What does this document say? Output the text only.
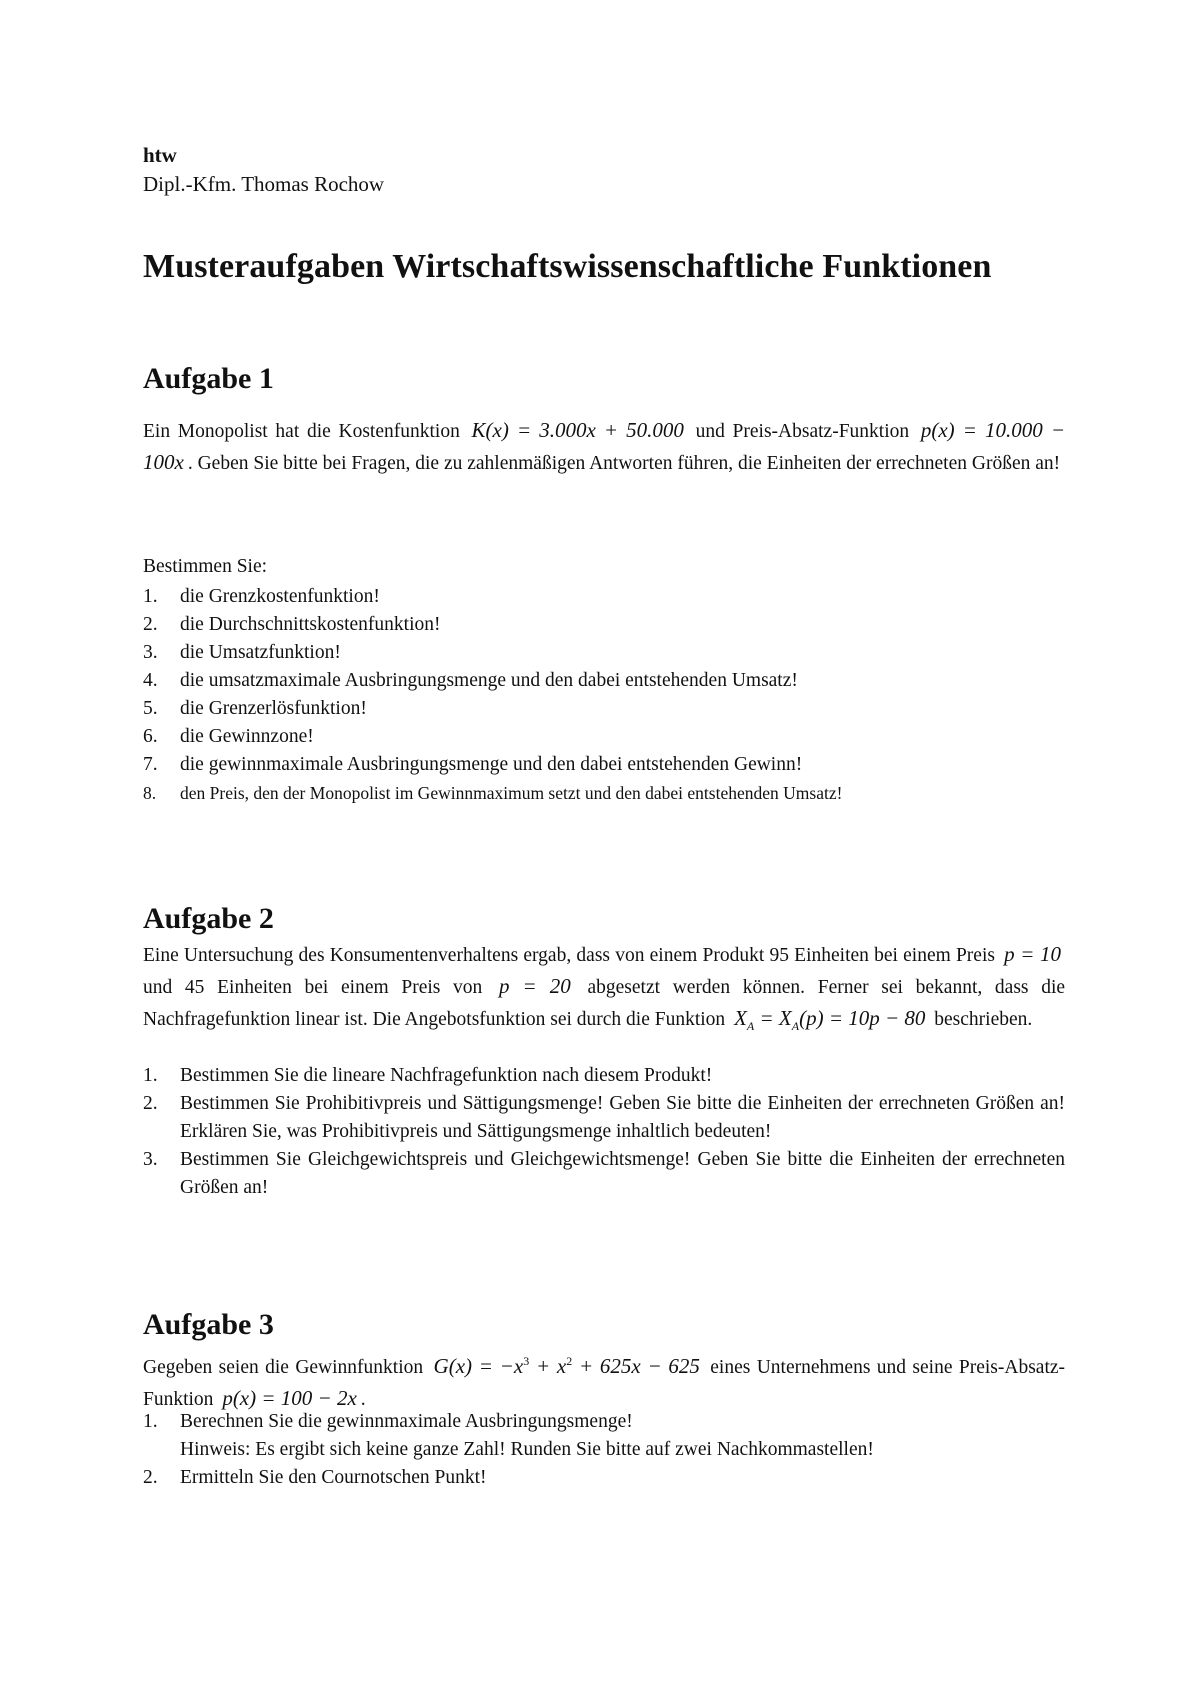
htw
Dipl.-Kfm. Thomas Rochow
Musteraufgaben Wirtschaftswissenschaftliche Funktionen
Aufgabe 1
Ein Monopolist hat die Kostenfunktion K(x) = 3.000x + 50.000 und Preis-Absatz-Funktion p(x) = 10.000 − 100x . Geben Sie bitte bei Fragen, die zu zahlenmäßigen Antworten führen, die Einheiten der errechneten Größen an!
Bestimmen Sie:
1. die Grenzkostenfunktion!
2. die Durchschnittskostenfunktion!
3. die Umsatzfunktion!
4. die umsatzmaximale Ausbringungsmenge und den dabei entstehenden Umsatz!
5. die Grenzerlösfunktion!
6. die Gewinnzone!
7. die gewinnmaximale Ausbringungsmenge und den dabei entstehenden Gewinn!
8. den Preis, den der Monopolist im Gewinnmaximum setzt und den dabei entstehenden Umsatz!
Aufgabe 2
Eine Untersuchung des Konsumentenverhaltens ergab, dass von einem Produkt 95 Einheiten bei einem Preis p = 10 und 45 Einheiten bei einem Preis von p = 20 abgesetzt werden können. Ferner sei bekannt, dass die Nachfragefunktion linear ist. Die Angebotsfunktion sei durch die Funktion $X_A = X_A(p) = 10p - 80$ beschrieben.
1. Bestimmen Sie die lineare Nachfragefunktion nach diesem Produkt!
2. Bestimmen Sie Prohibitivpreis und Sättigungsmenge! Geben Sie bitte die Einheiten der errechneten Größen an! Erklären Sie, was Prohibitivpreis und Sättigungsmenge inhaltlich bedeuten!
3. Bestimmen Sie Gleichgewichtspreis und Gleichgewichtsmenge! Geben Sie bitte die Einheiten der errechneten Größen an!
Aufgabe 3
Gegeben seien die Gewinnfunktion $G(x) = -x^3 + x^2 + 625x - 625$ eines Unternehmens und seine Preis-Absatz-Funktion p(x) = 100 − 2x .
1. Berechnen Sie die gewinnmaximale Ausbringungsmenge!
Hinweis: Es ergibt sich keine ganze Zahl! Runden Sie bitte auf zwei Nachkommastellen!
2. Ermitteln Sie den Cournotschen Punkt!
